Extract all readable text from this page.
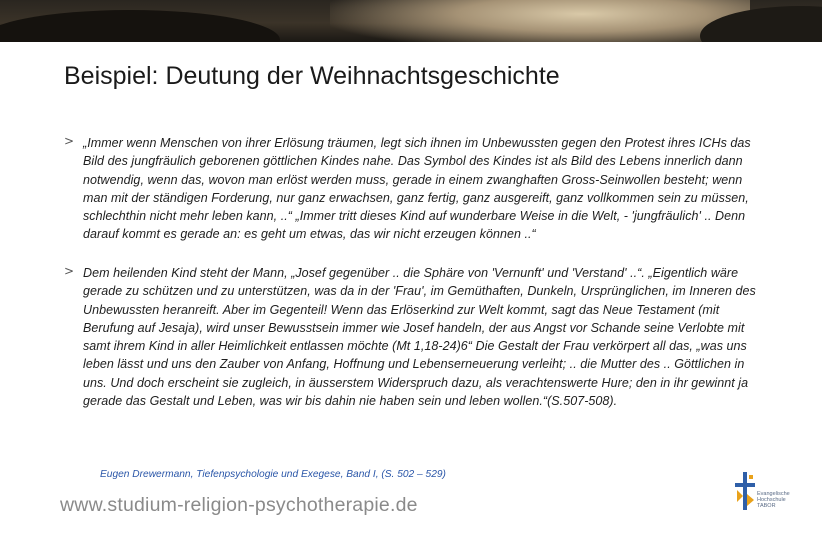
Beispiel: Deutung der Weihnachtsgeschichte
> „Immer wenn Menschen von ihrer Erlösung träumen, legt sich ihnen im Unbewussten gegen den Protest ihres ICHs das Bild des jungfräulich geborenen göttlichen Kindes nahe. Das Symbol des Kindes ist als Bild des Lebens innerlich dann notwendig, wenn das, wovon man erlöst werden muss, gerade in einem zwanghaften Gross-Seinwollen besteht; wenn man mit der ständigen Forderung, nur ganz erwachsen, ganz fertig, ganz ausgereift, ganz vollkommen sein zu müssen, schlechthin nicht mehr leben kann, ..“ „Immer tritt dieses Kind auf wunderbare Weise in die Welt, - 'jungfräulich' .. Denn darauf kommt es gerade an: es geht um etwas, das wir nicht erzeugen können ..“

> Dem heilenden Kind steht der Mann, „Josef gegenüber .. die Sphäre von 'Vernunft' und 'Verstand' ..“. „Eigentlich wäre gerade zu schützen und zu unterstützen, was da in der 'Frau', im Gemüthaften, Dunkeln, Ursprünglichen, im Inneren des Unbewussten heranreift. Aber im Gegenteil! Wenn das Erlöserkind zur Welt kommt, sagt das Neue Testament (mit Berufung auf Jesaja), wird unser Bewusstsein immer wie Josef handeln, der aus Angst vor Schande seine Verlobte mit samt ihrem Kind in aller Heimlichkeit entlassen möchte (Mt 1,18-24)6“ Die Gestalt der Frau verkörpert all das, „was uns leben lässt und uns den Zauber von Anfang, Hoffnung und Lebenserneuerung verleiht; .. die Mutter des .. Göttlichen in uns. Und doch erscheint sie zugleich, in äusserstem Widerspruch dazu, als verachtenswerte Hure; den in ihr gewinnt ja gerade das Gestalt und Leben, was wir bis dahin nie haben sein und leben wollen.“(S.507-508).

Eugen Drewermann, Tiefenpsychologie und Exegese, Band I, (S. 502 – 529)

www.studium-religion-psychotherapie.de	Evangelische
Hochschule
TABOR
